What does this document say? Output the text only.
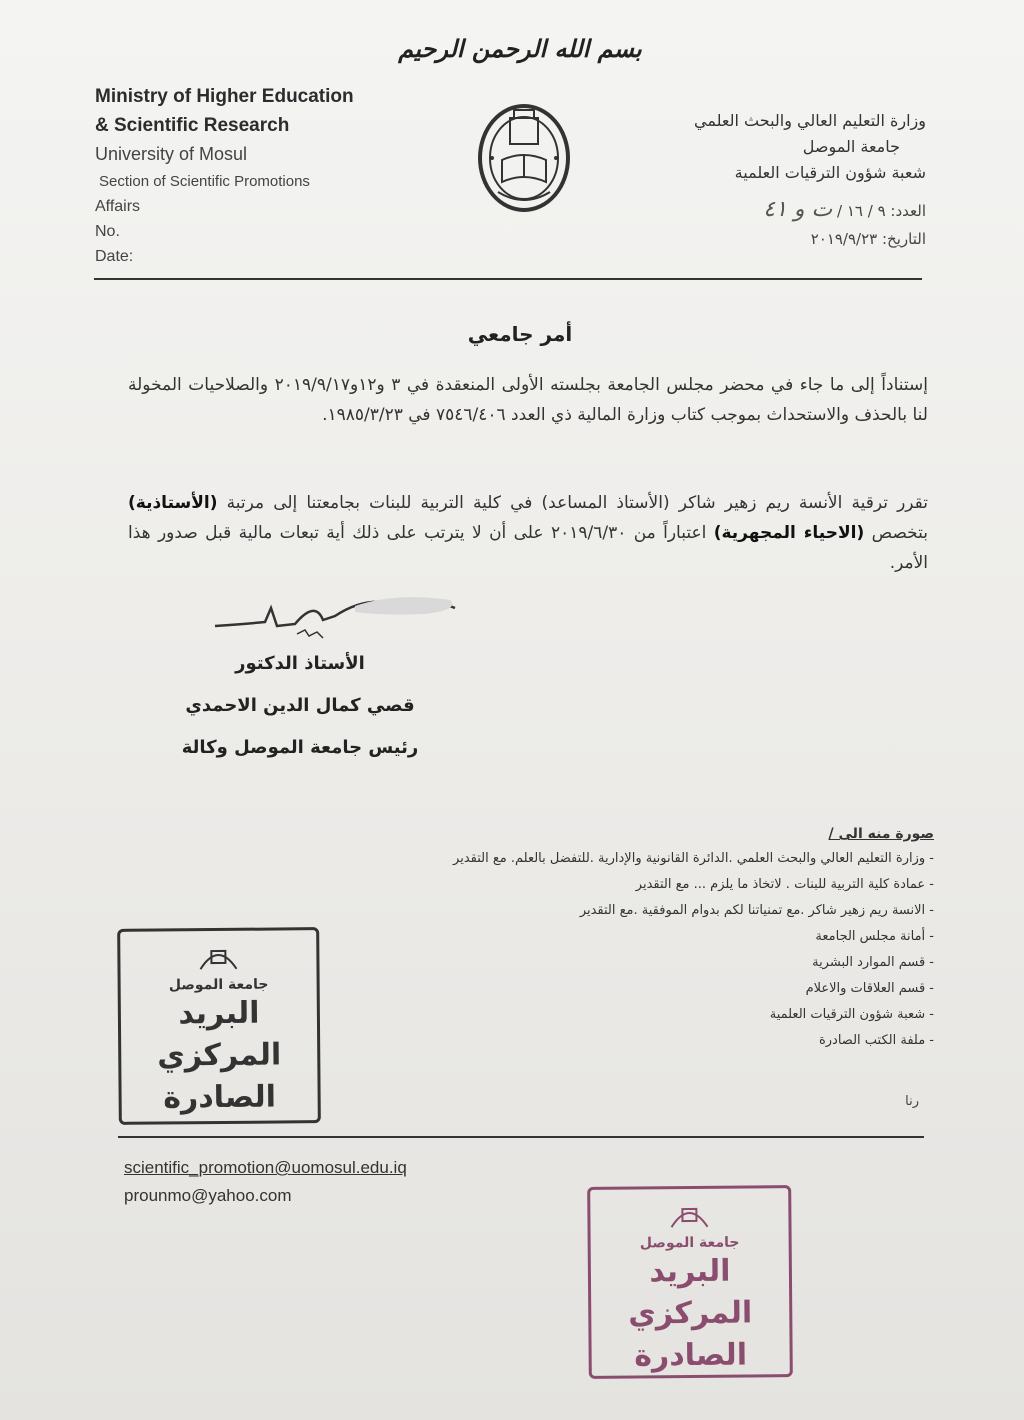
بسم الله الرحمن الرحيم
Ministry of Higher Education
& Scientific Research
University of Mosul
Section of Scientific Promotions
Affairs
No.
Date:
وزارة التعليم العالي والبحث العلمي
جامعة الموصل
شعبة شؤون الترقيات العلمية
العدد: ٩ / ١٦ / ت و ٤١
التاريخ: ٢٠١٩/٩/٢٣
أمر جامعي
إستناداً إلى ما جاء في محضر مجلس الجامعة بجلسته الأولى المنعقدة في ٣ و١٢و٢٠١٩/٩/١٧ والصلاحيات المخولة لنا بالحذف والاستحداث بموجب كتاب وزارة المالية ذي العدد ٧٥٤٦/٤٠٦ في ١٩٨٥/٣/٢٣.
تقرر ترقية الأنسة ريم زهير شاكر (الأستاذ المساعد) في كلية التربية للبنات بجامعتنا إلى مرتبة (الأستاذية) بتخصص (الاحياء المجهرية) اعتباراً من ٢٠١٩/٦/٣٠ على أن لا يترتب على ذلك أية تبعات مالية قبل صدور هذا الأمر.
الأستاذ الدكتور
قصي كمال الدين الاحمدي
رئيس جامعة الموصل وكالة
صورة منه الى /
- وزارة التعليم العالي والبحث العلمي .الدائرة القانونية والإدارية .للتفضل بالعلم. مع التقدير
- عمادة كلية التربية للبنات . لاتخاذ ما يلزم ... مع التقدير
- الانسة ريم زهير شاكر .مع تمنياتنا لكم بدوام الموفقية .مع التقدير
- أمانة مجلس الجامعة
- قسم الموارد البشرية
- قسم العلاقات والاعلام
- شعبة شؤون الترقيات العلمية
- ملفة الكتب الصادرة
رنا
جامعة الموصل
البريد المركزي
الصادرة
scientific_promotion@uomosul.edu.iq
prounmo@yahoo.com
جامعة الموصل
البريد المركزي
الصادرة
